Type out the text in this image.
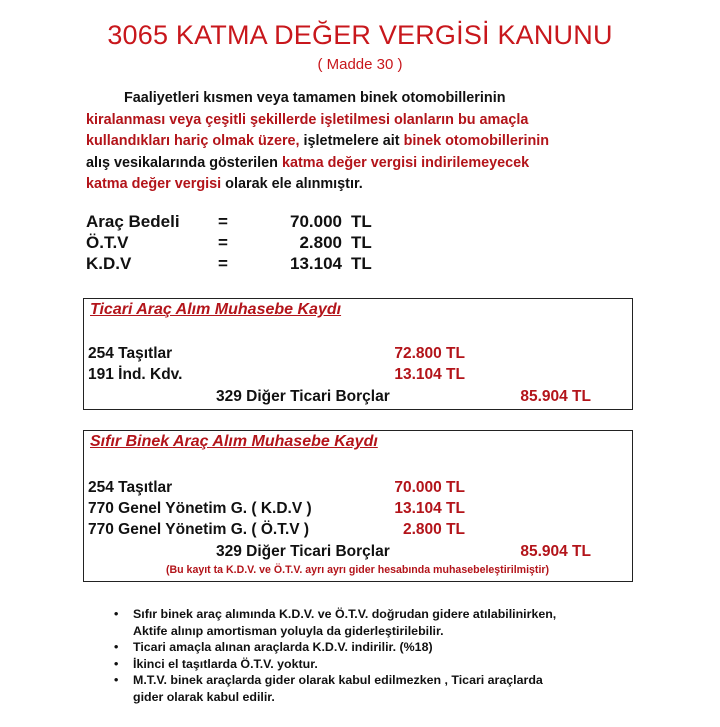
3065 KATMA DEĞER VERGİSİ KANUNU
( Madde 30 )
Faaliyetleri kısmen veya tamamen binek otomobillerinin
kiralanması veya çeşitli şekillerde işletilmesi olanların bu amaçla
kullandıkları hariç olmak üzere, işletmelere ait binek otomobillerinin
alış vesikalarında gösterilen katma değer vergisi indirilemeyecek
katma değer vergisi olarak ele alınmıştır.
Araç Bedeli =	70.000 TL
Ö.T.V	=	2.800 TL
K.D.V	=	13.104 TL
Ticari Araç Alım Muhasebe Kaydı
254 Taşıtlar	72.800 TL
191 İnd. Kdv.	13.104 TL
329 Diğer Ticari Borçlar	85.904 TL
Sıfır Binek Araç Alım Muhasebe Kaydı
254 Taşıtlar	70.000 TL
770 Genel Yönetim G. ( K.D.V )	13.104 TL
770 Genel Yönetim G. ( Ö.T.V )	2.800 TL
329 Diğer Ticari Borçlar	85.904 TL
(Bu kayıt ta K.D.V. ve Ö.T.V. ayrı ayrı gider hesabında muhasebeleştirilmiştir)
• Sıfır binek araç alımında K.D.V. ve Ö.T.V. doğrudan gidere atılabilinirken,
Aktife alınıp amortisman yoluyla da giderleştirilebilir.
• Ticari amaçla alınan araçlarda K.D.V. indirilir. (%18)
• İkinci el taşıtlarda Ö.T.V. yoktur.
• M.T.V. binek araçlarda gider olarak kabul edilmezken , Ticari araçlarda
gider olarak kabul edilir.
